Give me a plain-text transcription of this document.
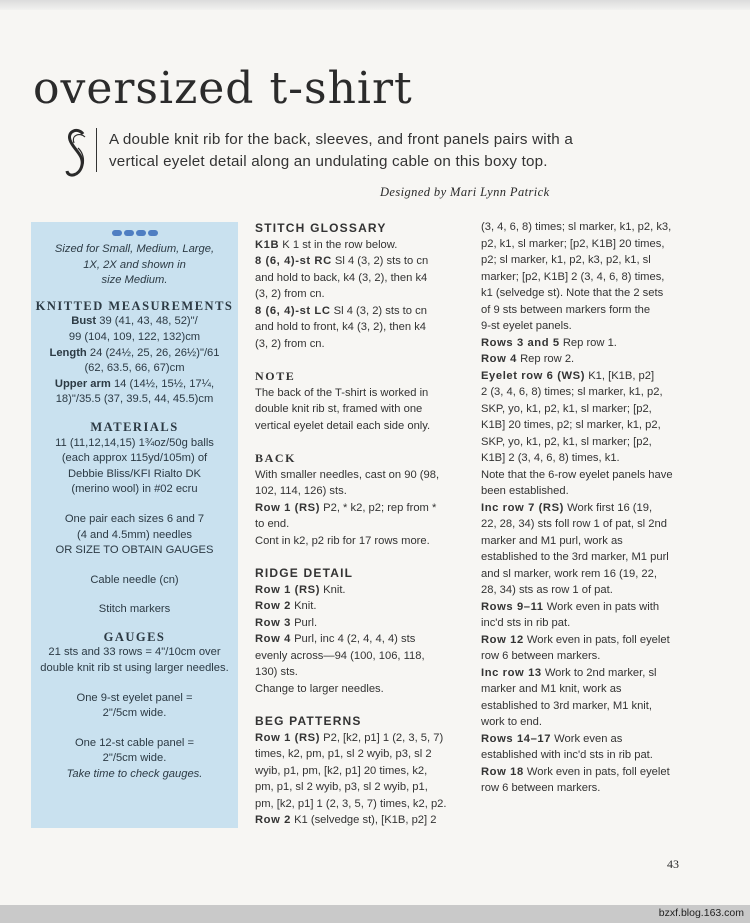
oversized t-shirt
A double knit rib for the back, sleeves, and front panels pairs with a
vertical eyelet detail along an undulating cable on this boxy top.
Designed by Mari Lynn Patrick
Sized for Small, Medium, Large,
1X, 2X and shown in
size Medium.
KNITTED MEASUREMENTS
Bust 39 (41, 43, 48, 52)"/
99 (104, 109, 122, 132)cm
Length 24 (24½, 25, 26, 26½)"/61
(62, 63.5, 66, 67)cm
Upper arm 14 (14½, 15½, 17¼,
18)"/35.5 (37, 39.5, 44, 45.5)cm
MATERIALS
11 (11,12,14,15) 1¾oz/50g balls
(each approx 115yd/105m) of
Debbie Bliss/KFI Rialto DK
(merino wool) in #02 ecru
One pair each sizes 6 and 7
(4 and 4.5mm) needles
OR SIZE TO OBTAIN GAUGES
Cable needle (cn)
Stitch markers
GAUGES
21 sts and 33 rows = 4"/10cm over
double knit rib st using larger needles.
One 9-st eyelet panel =
2"/5cm wide.
One 12-st cable panel =
2"/5cm wide.
Take time to check gauges.
STITCH GLOSSARY
K1B K 1 st in the row below.
8 (6, 4)-st RC Sl 4 (3, 2) sts to cn
and hold to back, k4 (3, 2), then k4
(3, 2) from cn.
8 (6, 4)-st LC Sl 4 (3, 2) sts to cn
and hold to front, k4 (3, 2), then k4
(3, 2) from cn.
NOTE
The back of the T-shirt is worked in
double knit rib st, framed with one
vertical eyelet detail each side only.
BACK
With smaller needles, cast on 90 (98,
102, 114, 126) sts.
Row 1 (RS) P2, * k2, p2; rep from *
to end.
Cont in k2, p2 rib for 17 rows more.
RIDGE DETAIL
Row 1 (RS) Knit.
Row 2 Knit.
Row 3 Purl.
Row 4 Purl, inc 4 (2, 4, 4, 4) sts
evenly across—94 (100, 106, 118,
130) sts.
Change to larger needles.
BEG PATTERNS
Row 1 (RS) P2, [k2, p1] 1 (2, 3, 5, 7)
times, k2, pm, p1, sl 2 wyib, p3, sl 2
wyib, p1, pm, [k2, p1] 20 times, k2,
pm, p1, sl 2 wyib, p3, sl 2 wyib, p1,
pm, [k2, p1] 1 (2, 3, 5, 7) times, k2, p2.
Row 2 K1 (selvedge st), [K1B, p2] 2
(3, 4, 6, 8) times; sl marker, k1, p2, k3,
p2, k1, sl marker; [p2, K1B] 20 times,
p2; sl marker, k1, p2, k3, p2, k1, sl
marker; [p2, K1B] 2 (3, 4, 6, 8) times,
k1 (selvedge st). Note that the 2 sets
of 9 sts between markers form the
9-st eyelet panels.
Rows 3 and 5 Rep row 1.
Row 4 Rep row 2.
Eyelet row 6 (WS) K1, [K1B, p2]
2 (3, 4, 6, 8) times; sl marker, k1, p2,
SKP, yo, k1, p2, k1, sl marker; [p2,
K1B] 20 times, p2; sl marker, k1, p2,
SKP, yo, k1, p2, k1, sl marker; [p2,
K1B] 2 (3, 4, 6, 8) times, k1.
Note that the 6-row eyelet panels have
been established.
Inc row 7 (RS) Work first 16 (19,
22, 28, 34) sts foll row 1 of pat, sl 2nd
marker and M1 purl, work as
established to the 3rd marker, M1 purl
and sl marker, work rem 16 (19, 22,
28, 34) sts as row 1 of pat.
Rows 9–11 Work even in pats with
inc'd sts in rib pat.
Row 12 Work even in pats, foll eyelet
row 6 between markers.
Inc row 13 Work to 2nd marker, sl
marker and M1 knit, work as
established to 3rd marker, M1 knit,
work to end.
Rows 14–17 Work even as
established with inc'd sts in rib pat.
Row 18 Work even in pats, foll eyelet
row 6 between markers.
43
bzxf.blog.163.com
